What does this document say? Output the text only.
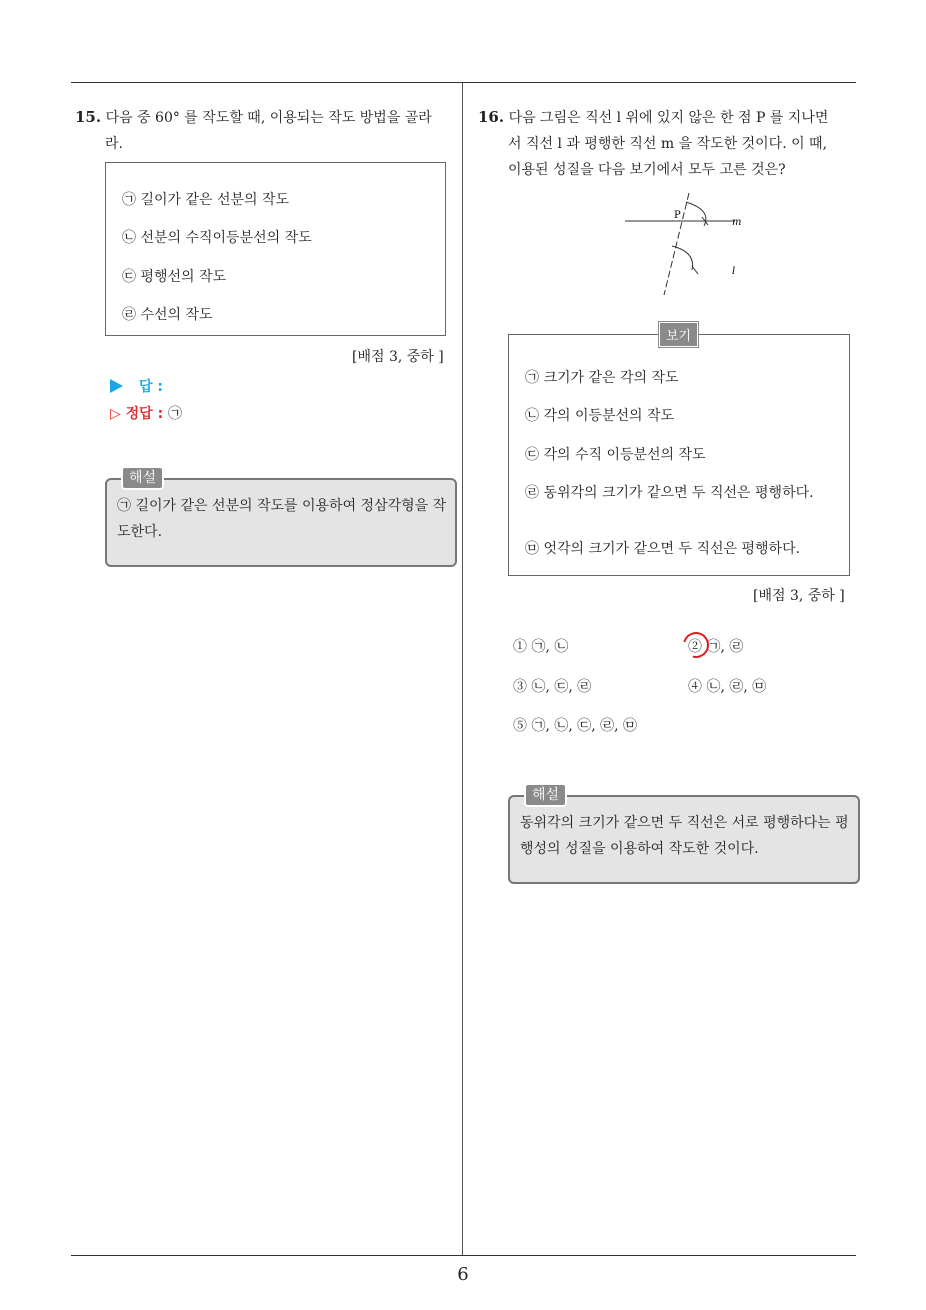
6
15. 다음 중 60° 를 작도할 때, 이용되는 작도 방법을 골라
라.
㉠ 길이가 같은 선분의 작도
㉡ 선분의 수직이등분선의 작도
㉢ 평행선의 작도
㉣ 수선의 작도
[배점 3, 중하 ]
답 :
▷ 정답 : ㉠
해설
㉠ 길이가 같은 선분의 작도를 이용하여 정삼각형을 작도한다.
16. 다음 그림은 직선 l 위에 있지 않은 한 점 P 를 지나면
서 직선 l 과 평행한 직선 m 을 작도한 것이다. 이 때,
이용된 성질을 다음 보기에서 모두 고른 것은?
P
m
l
㉠ 크기가 같은 각의 작도
㉡ 각의 이등분선의 작도
㉢ 각의 수직 이등분선의 작도
㉣ 동위각의 크기가 같으면 두 직선은 평행하다.
㉤ 엇각의 크기가 같으면 두 직선은 평행하다.
보기
[배점 3, 중하 ]
① ㉠, ㉡	② ㉠, ㉣
③ ㉡, ㉢, ㉣	④ ㉡, ㉣, ㉤
⑤ ㉠, ㉡, ㉢, ㉣, ㉤
해설
동위각의 크기가 같으면 두 직선은 서로 평행하다는 평행성의 성질을 이용하여 작도한 것이다.
